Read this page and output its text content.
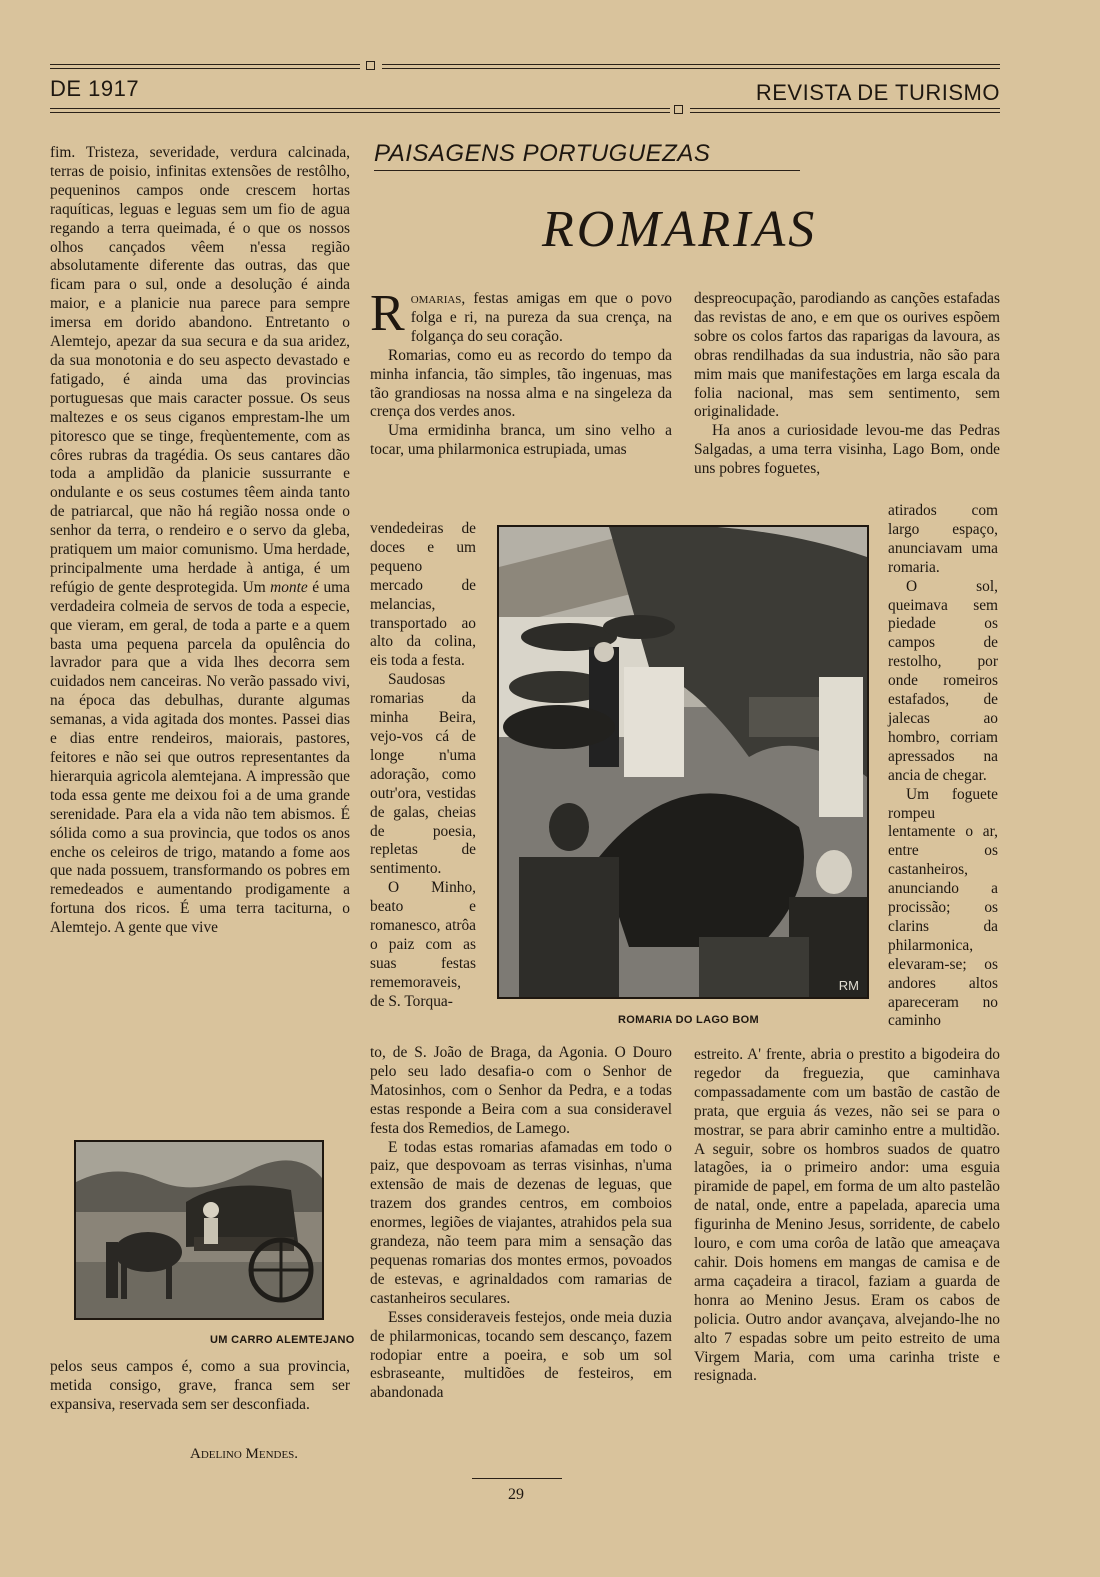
DE 1917	REVISTA DE TURISMO

fim. Tristeza, severidade, verdura calcinada, terras de poisio, infinitas extensões de restôlho, pequeninos campos onde crescem hortas raquíticas, leguas e leguas sem um fio de agua regando a terra queimada, é o que os nossos olhos cançados vêem n'essa região absolutamente diferente das outras, das que ficam para o sul, onde a desolução é ainda maior, e a planicie nua parece para sempre imersa em dorido abandono. Entretanto o Alemtejo, apezar da sua secura e da sua aridez, da sua monotonia e do seu aspecto devastado e fatigado, é ainda uma das provincias portuguesas que mais caracter possue. Os seus maltezes e os seus ciganos emprestam-lhe um pitoresco que se tinge, freqùentemente, com as côres rubras da tragédia. Os seus cantares dão toda a amplidão da planicie sussurrante e ondulante e os seus costumes têem ainda tanto de patriarcal, que não há região nossa onde o senhor da terra, o rendeiro e o servo da gleba, pratiquem um maior comunismo. Uma herdade, principalmente uma herdade à antiga, é um refúgio de gente desprotegida. Um monte é uma verdadeira colmeia de servos de toda a especie, que vieram, em geral, de toda a parte e a quem basta uma pequena parcela da opulência do lavrador para que a vida lhes decorra sem cuidados nem canceiras. No verão passado vivi, na época das debulhas, durante algumas semanas, a vida agitada dos montes. Passei dias e dias entre rendeiros, maiorais, pastores, feitores e não sei que outros representantes da hierarquia agricola alemtejana. A impressão que toda essa gente me deixou foi a de uma grande serenidade. Para ela a vida não tem abismos. É sólida como a sua provincia, que todos os anos enche os celeiros de trigo, matando a fome aos que nada possuem, transformando os pobres em remedeados e aumentando prodigamente a fortuna dos ricos. É uma terra taciturna, o Alemtejo. A gente que vive

UM CARRO ALEMTEJANO

pelos seus campos é, como a sua provincia, metida consigo, grave, franca sem ser expansiva, reservada sem ser desconfiada.

Adelino Mendes.
PAISAGENS PORTUGUEZAS
ROMARIAS

Romarias, festas amigas em que o povo folga e ri, na pureza da sua crença, na folgança do seu coração.

Romarias, como eu as recordo do tempo da minha infancia, tão simples, tão ingenuas, mas tão grandiosas na nossa alma e na singeleza da crença dos verdes anos.

Uma ermidinha branca, um sino velho a tocar, uma philarmonica estrupiada, umas

vendedeiras de doces e um pequeno mercado de melancias, transportado ao alto da colina, eis toda a festa.

Saudosas romarias da minha Beira, vejo-vos cá de longe n'uma adoração, como outr'ora, vestidas de galas, cheias de poesia, repletas de sentimento.

O Minho, beato e romanesco, atrôa o paiz com as suas festas rememoraveis, de S. Torqua-

RM
ROMARIA DO LAGO BOM

to, de S. João de Braga, da Agonia. O Douro pelo seu lado desafia-o com o Senhor de Matosinhos, com o Senhor da Pedra, e a todas estas responde a Beira com a sua consideravel festa dos Remedios, de Lamego.

E todas estas romarias afamadas em todo o paiz, que despovoam as terras visinhas, n'uma extensão de mais de dezenas de leguas, que trazem dos grandes centros, em comboios enormes, legiões de viajantes, atrahidos pela sua grandeza, não teem para mim a sensação das pequenas romarias dos montes ermos, povoados de estevas, e agrinaldados com ramarias de castanheiros seculares.

Esses consideraveis festejos, onde meia duzia de philarmonicas, tocando sem descanço, fazem rodopiar entre a poeira, e sob um sol esbraseante, multidões de festeiros, em abandonada

despreocupação, parodiando as canções estafadas das revistas de ano, e em que os ourives espõem sobre os colos fartos das raparigas da lavoura, as obras rendilhadas da sua industria, não são para mim mais que manifestações em larga escala da folia nacional, mas sem sentimento, sem originalidade.

Ha anos a curiosidade levou-me das Pedras Salgadas, a uma terra visinha, Lago Bom, onde uns pobres foguetes,

atirados com largo espaço, anunciavam uma romaria.

O sol, queimava sem piedade os campos de restolho, por onde romeiros estafados, de jalecas ao hombro, corriam apressados na ancia de chegar.

Um foguete rompeu lentamente o ar, entre os castanheiros, anunciando a procissão; os clarins da philarmonica, elevaram-se; os andores altos apareceram no caminho

estreito. A' frente, abria o prestito a bigodeira do regedor da freguezia, que caminhava compassadamente com um bastão de castão de prata, que erguia ás vezes, não sei se para o mostrar, se para abrir caminho entre a multidão. A seguir, sobre os hombros suados de quatro latagões, ia o primeiro andor: uma esguia piramide de papel, em forma de um alto pastelão de natal, onde, entre a papelada, aparecia uma figurinha de Menino Jesus, sorridente, de cabelo louro, e com uma corôa de latão que ameaçava cahir. Dois homens em mangas de camisa e de arma caçadeira a tiracol, faziam a guarda de honra ao Menino Jesus. Eram os cabos de policia. Outro andor avançava, alvejando-lhe no alto 7 espadas sobre um peito estreito de uma Virgem Maria, com uma carinha triste e resignada.

29
